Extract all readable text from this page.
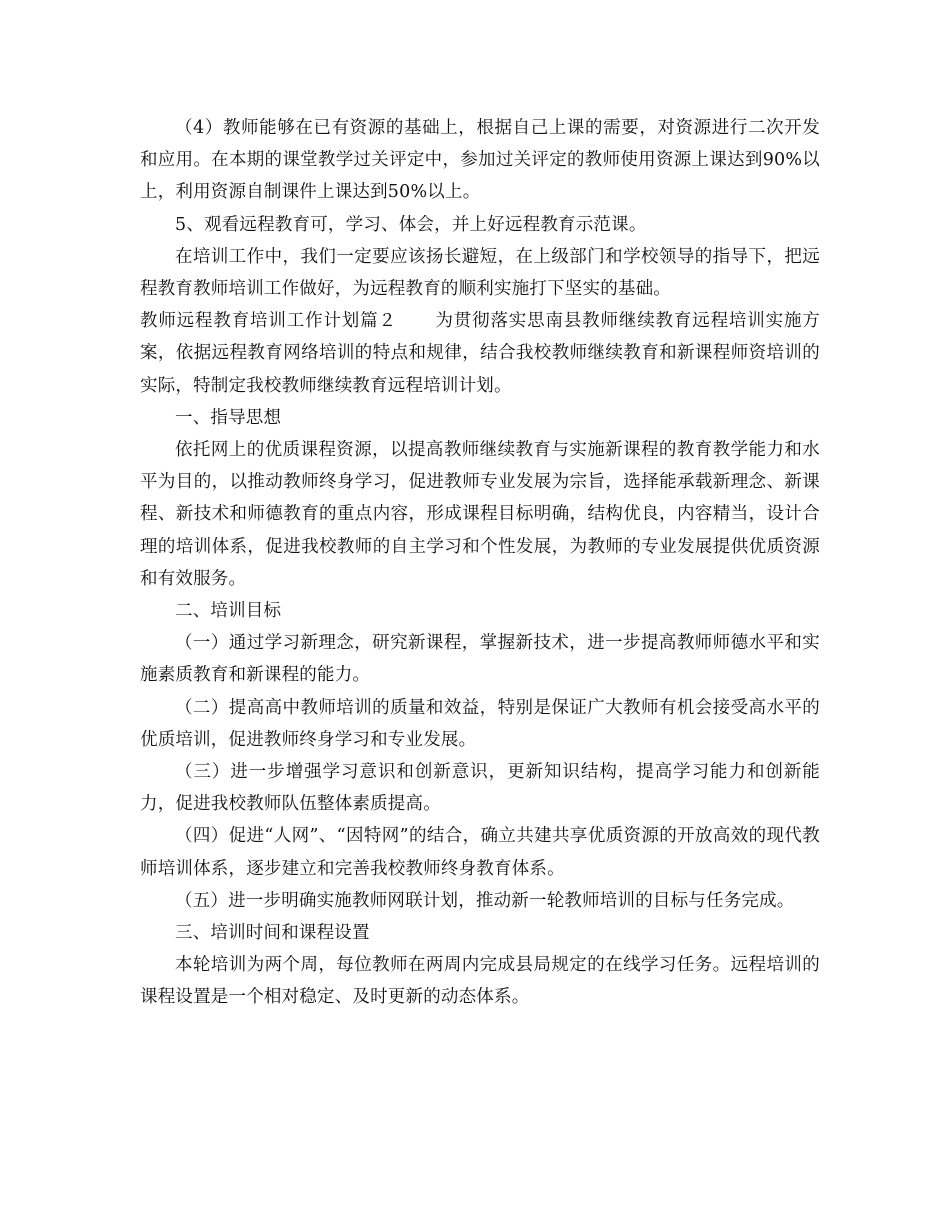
（4）教师能够在已有资源的基础上，根据自己上课的需要，对资源进行二次开发和应用。在本期的课堂教学过关评定中，参加过关评定的教师使用资源上课达到90%以上，利用资源自制课件上课达到50%以上。

5、观看远程教育可，学习、体会，并上好远程教育示范课。

在培训工作中，我们一定要应该扬长避短，在上级部门和学校领导的指导下，把远程教育教师培训工作做好，为远程教育的顺利实施打下坚实的基础。

教师远程教育培训工作计划篇２ 为贯彻落实思南县教师继续教育远程培训实施方案，依据远程教育网络培训的特点和规律，结合我校教师继续教育和新课程师资培训的实际，特制定我校教师继续教育远程培训计划。

一、指导思想

依托网上的优质课程资源，以提高教师继续教育与实施新课程的教育教学能力和水平为目的，以推动教师终身学习，促进教师专业发展为宗旨，选择能承载新理念、新课程、新技术和师德教育的重点内容，形成课程目标明确，结构优良，内容精当，设计合理的培训体系，促进我校教师的自主学习和个性发展，为教师的专业发展提供优质资源和有效服务。

二、培训目标

（一）通过学习新理念，研究新课程，掌握新技术，进一步提高教师师德水平和实施素质教育和新课程的能力。

（二）提高高中教师培训的质量和效益，特别是保证广大教师有机会接受高水平的优质培训，促进教师终身学习和专业发展。

（三）进一步增强学习意识和创新意识，更新知识结构，提高学习能力和创新能力，促进我校教师队伍整体素质提高。

（四）促进“人网”、“因特网”的结合，确立共建共享优质资源的开放高效的现代教师培训体系，逐步建立和完善我校教师终身教育体系。

（五）进一步明确实施教师网联计划，推动新一轮教师培训的目标与任务完成。

三、培训时间和课程设置

本轮培训为两个周，每位教师在两周内完成县局规定的在线学习任务。远程培训的课程设置是一个相对稳定、及时更新的动态体系。
